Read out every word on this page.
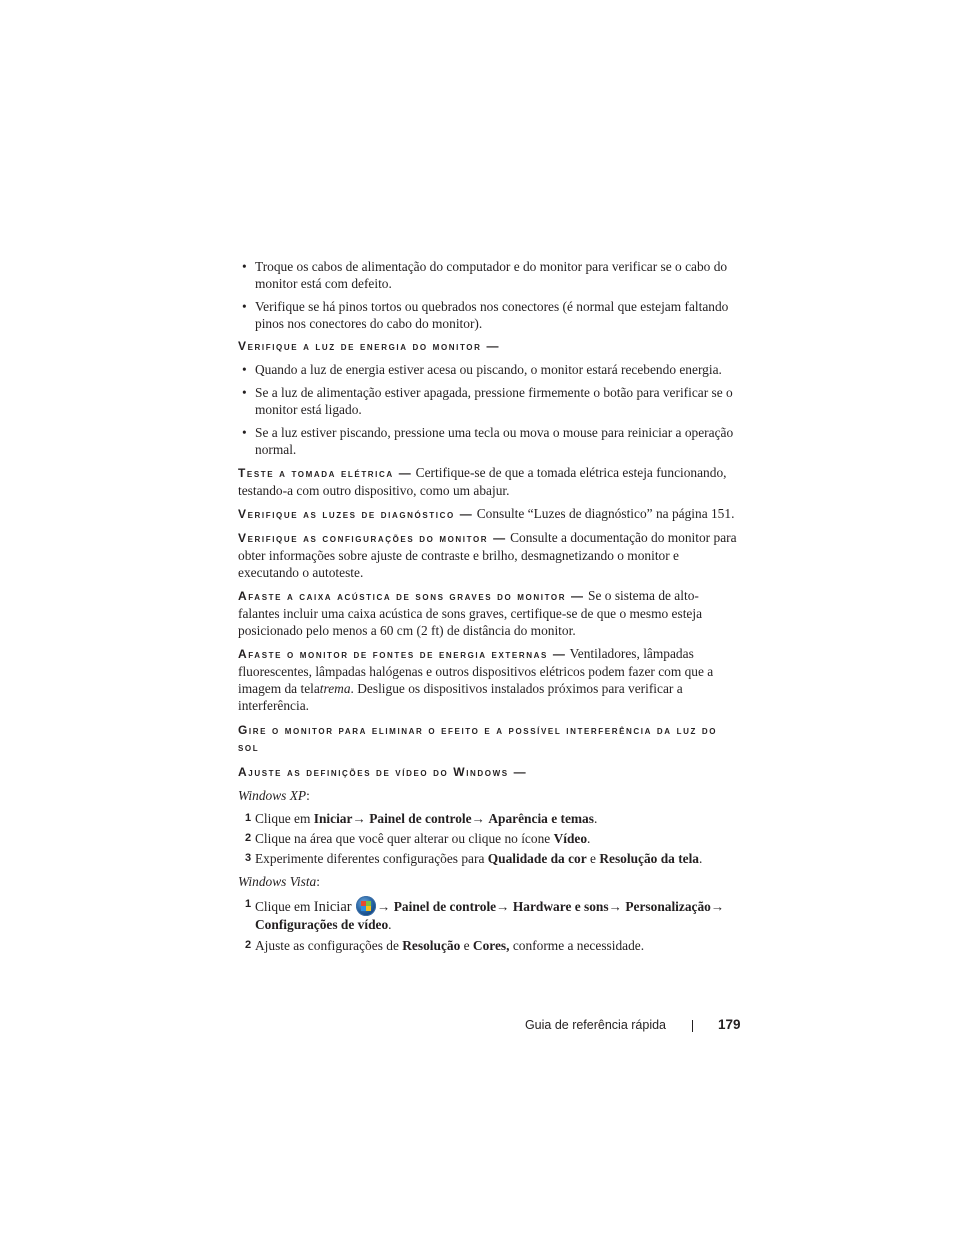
• Troque os cabos de alimentação do computador e do monitor para verificar se o cabo do monitor está com defeito.
• Verifique se há pinos tortos ou quebrados nos conectores (é normal que estejam faltando pinos nos conectores do cabo do monitor).
Verifique a luz de energia do monitor —
• Quando a luz de energia estiver acesa ou piscando, o monitor estará recebendo energia.
• Se a luz de alimentação estiver apagada, pressione firmemente o botão para verificar se o monitor está ligado.
• Se a luz estiver piscando, pressione uma tecla ou mova o mouse para reiniciar a operação normal.

Teste a tomada elétrica — Certifique-se de que a tomada elétrica esteja funcionando, testando-a com outro dispositivo, como um abajur.

Verifique as luzes de diagnóstico — Consulte “Luzes de diagnóstico” na página 151.

Verifique as configurações do monitor — Consulte a documentação do monitor para obter informações sobre ajuste de contraste e brilho, desmagnetizando o monitor e executando o autoteste.

Afaste a caixa acústica de sons graves do monitor — Se o sistema de alto-falantes incluir uma caixa acústica de sons graves, certifique-se de que o mesmo esteja posicionado pelo menos a 60 cm (2 ft) de distância do monitor.

Afaste o monitor de fontes de energia externas — Ventiladores, lâmpadas fluorescentes, lâmpadas halógenas e outros dispositivos elétricos podem fazer com que a imagem da telatrema. Desligue os dispositivos instalados próximos para verificar a interferência.

Gire o monitor para eliminar o efeito e a possível interferência da luz do sol
Ajuste as definições de vídeo do Windows —

Windows XP:

1 Clique em Iniciar→ Painel de controle→ Aparência e temas.
2 Clique na área que você quer alterar ou clique no ícone Vídeo.
3 Experimente diferentes configurações para Qualidade da cor e Resolução da tela.

Windows Vista:

1 Clique em Iniciar → Painel de controle→ Hardware e sons→ Personalização→ Configurações de vídeo.
2 Ajuste as configurações de Resolução e Cores, conforme a necessidade.
Guia de referência rápida	179
